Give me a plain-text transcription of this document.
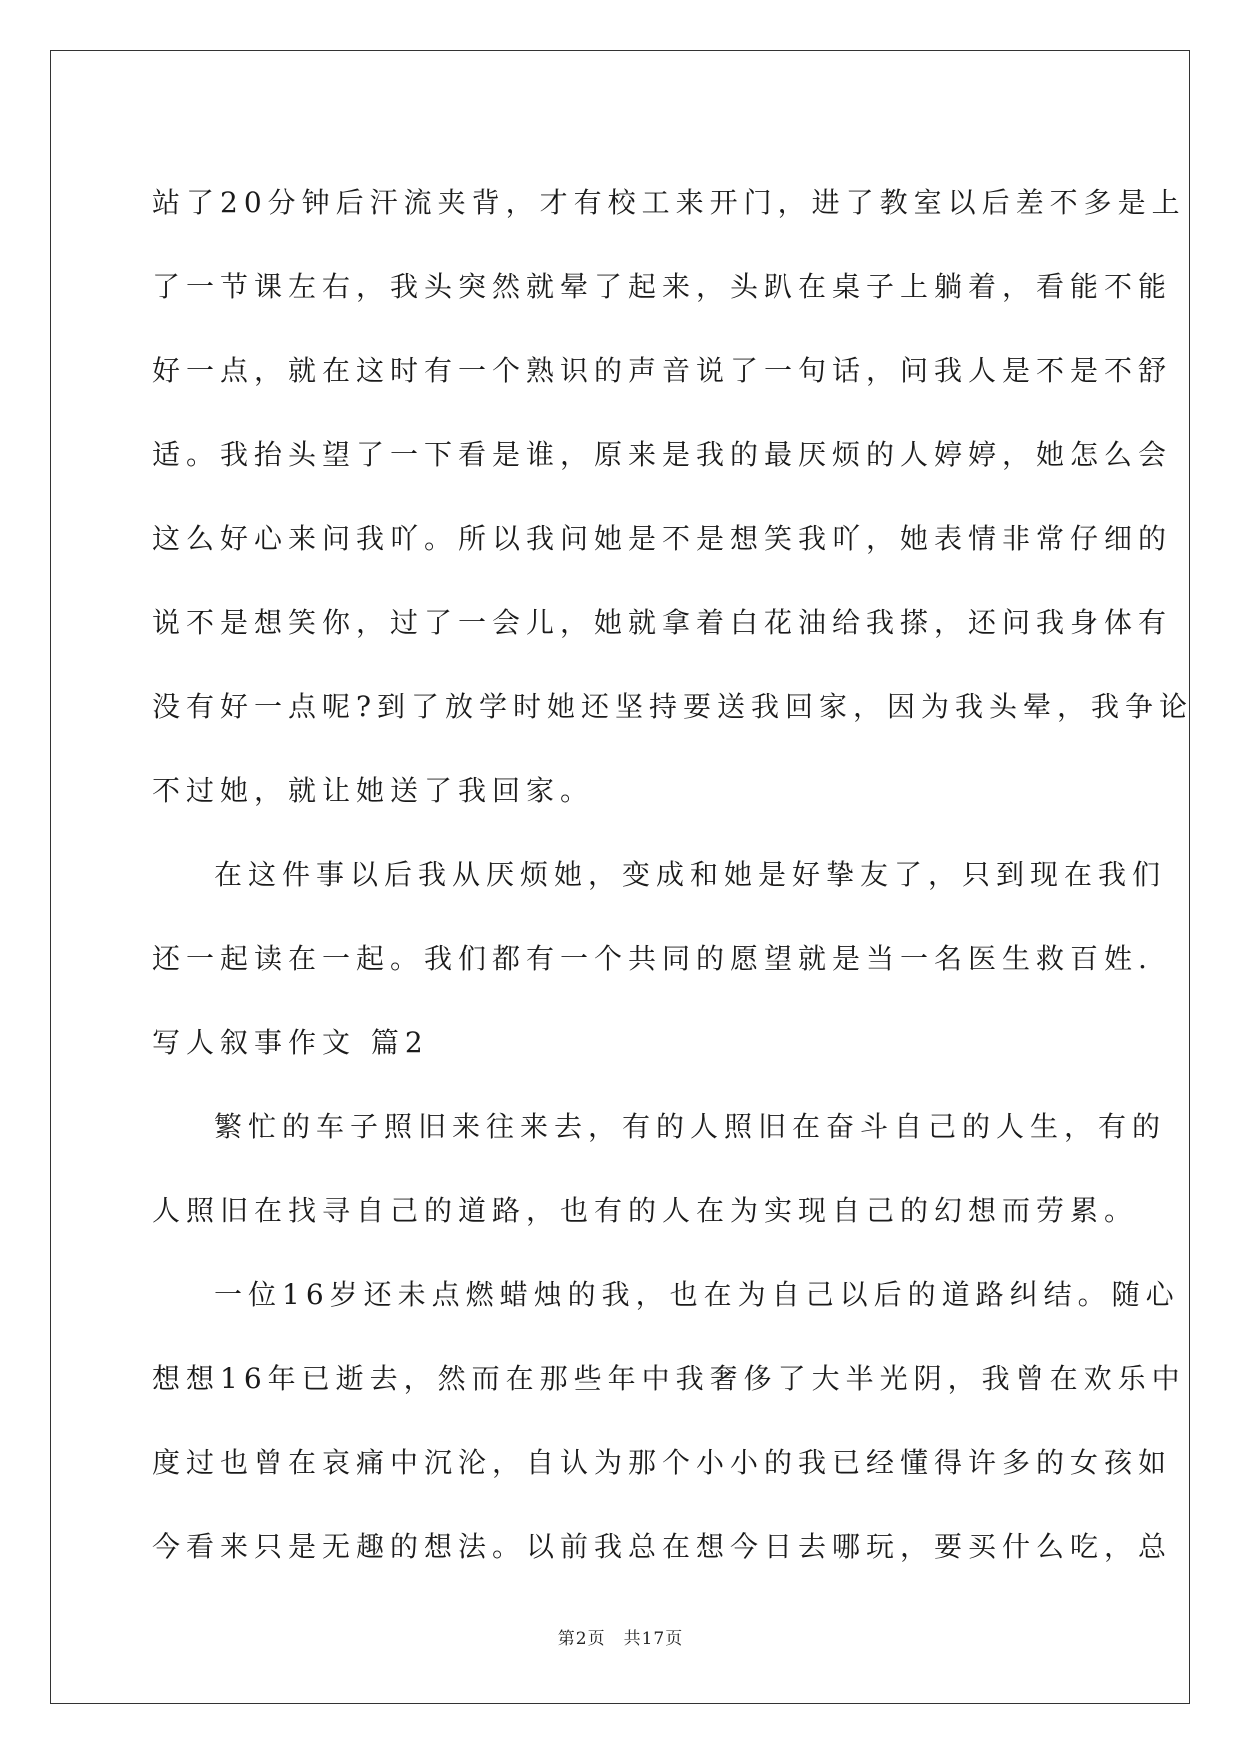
站了20分钟后汗流夹背，才有校工来开门，进了教室以后差不多是上
了一节课左右，我头突然就晕了起来，头趴在桌子上躺着，看能不能
好一点，就在这时有一个熟识的声音说了一句话，问我人是不是不舒
适。我抬头望了一下看是谁，原来是我的最厌烦的人婷婷，她怎么会
这么好心来问我吖。所以我问她是不是想笑我吖，她表情非常仔细的
说不是想笑你，过了一会儿，她就拿着白花油给我搽，还问我身体有
没有好一点呢?到了放学时她还坚持要送我回家，因为我头晕，我争论
不过她，就让她送了我回家。
在这件事以后我从厌烦她，变成和她是好挚友了，只到现在我们
还一起读在一起。我们都有一个共同的愿望就是当一名医生救百姓.
写人叙事作文 篇2
繁忙的车子照旧来往来去，有的人照旧在奋斗自己的人生，有的
人照旧在找寻自己的道路，也有的人在为实现自己的幻想而劳累。
一位16岁还未点燃蜡烛的我，也在为自己以后的道路纠结。随心
想想16年已逝去，然而在那些年中我奢侈了大半光阴，我曾在欢乐中
度过也曾在哀痛中沉沦，自认为那个小小的我已经懂得许多的女孩如
今看来只是无趣的想法。以前我总在想今日去哪玩，要买什么吃，总
第2页 共17页
